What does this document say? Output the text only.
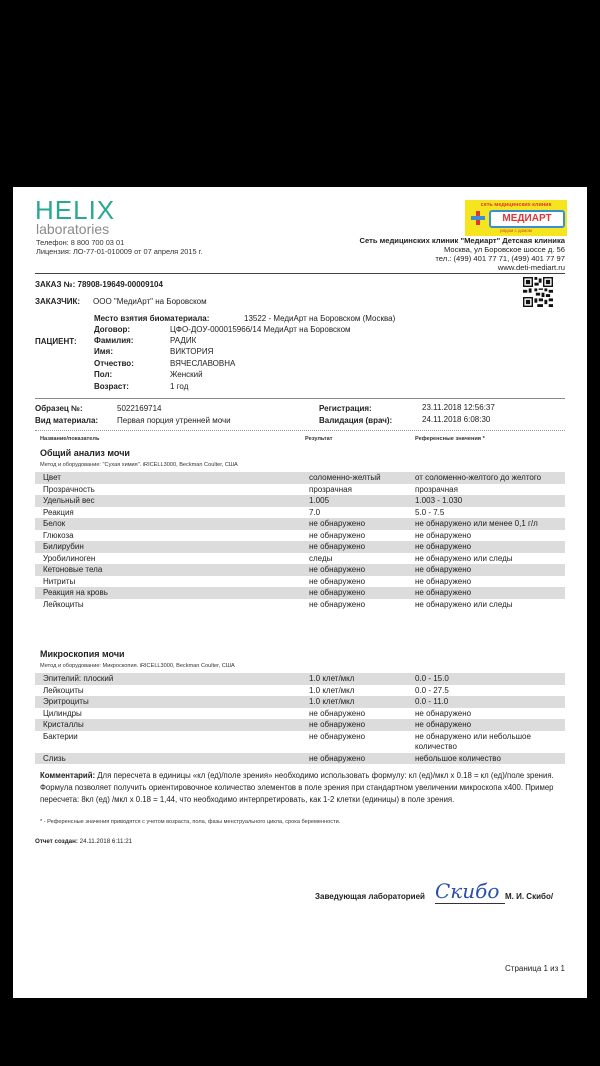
HELIX
laboratories
Телефон: 8 800 700 03 01
Лицензия: ЛО-77-01-010009 от 07 апреля 2015 г.
сеть медицинских клиник
МЕДИАРТ
рядом с домом
Сеть медицинских клиник "Медиарт" Детская клиника
Москва, ул Боровское шоссе д. 56
тел.: (499) 401 77 71, (499) 401 77 97
www.deti-mediart.ru
ЗАКАЗ №: 78908-19649-00009104
ЗАКАЗЧИК: ООО "МедиАрт" на Боровском
ПАЦИЕНТ:
Место взятия биоматериала:	13522 - МедиАрт на Боровском (Москва)
Договор:	ЦФО-ДОУ-000015966/14 МедиАрт на Боровском
Фамилия:	РАДИК
Имя:	ВИКТОРИЯ
Отчество:	ВЯЧЕСЛАВОВНА
Пол:	Женский
Возраст:	1 год
Образец №:	5022169714
Вид материала: Первая порция утренней мочи
Регистрация:	23.11.2018 12:56:37
Валидация (врач):	24.11.2018 6:08:30
Название/показатель	Результат	Референсные значения *
Общий анализ мочи
Метод и оборудование: "Сухая химия". iRICELL3000, Beckman Coulter, США
Цвет	соломенно-желтый	от соломенно-желтого до желтого
Прозрачность	прозрачная	прозрачная
Удельный вес	1.005	1.003 - 1.030
Реакция	7.0	5.0 - 7.5
Белок	не обнаружено	не обнаружено или менее 0,1 г/л
Глюкоза	не обнаружено	не обнаружено
Билирубин	не обнаружено	не обнаружено
Уробилиноген	следы	не обнаружено или следы
Кетоновые тела	не обнаружено	не обнаружено
Нитриты	не обнаружено	не обнаружено
Реакция на кровь	не обнаружено	не обнаружено
Лейкоциты	не обнаружено	не обнаружено или следы
Микроскопия мочи
Метод и оборудование: Микроскопия. iRICELL3000, Beckman Coulter, США
Эпителий: плоский	1.0 клет/мкл	0.0 - 15.0
Лейкоциты	1.0 клет/мкл	0.0 - 27.5
Эритроциты	1.0 клет/мкл	0.0 - 11.0
Цилиндры	не обнаружено	не обнаружено
Кристаллы	не обнаружено	не обнаружено
Бактерии	не обнаружено	не обнаружено или небольшое количество
Слизь	не обнаружено	небольшое количество
Комментарий: Для пересчета в единицы «кл (ед)/поле зрения» необходимо использовать формулу: кл (ед)/мкл x 0.18 = кл (ед)/поле зрения. Формула позволяет получить ориентировочное количество элементов в поле зрения при стандартном увеличении микроскопа x400. Пример пересчета: 8кл (ед) /мкл x 0.18 = 1,44, что необходимо интерпретировать, как 1-2 клетки (единицы) в поле зрения.
* - Референсные значения приводятся с учетом возраста, пола, фазы менструального цикла, срока беременности.
Отчет создан: 24.11.2018 6:11:21
Заведующая лабораторией Скибо М. И. Скибо/
Страница 1 из 1
